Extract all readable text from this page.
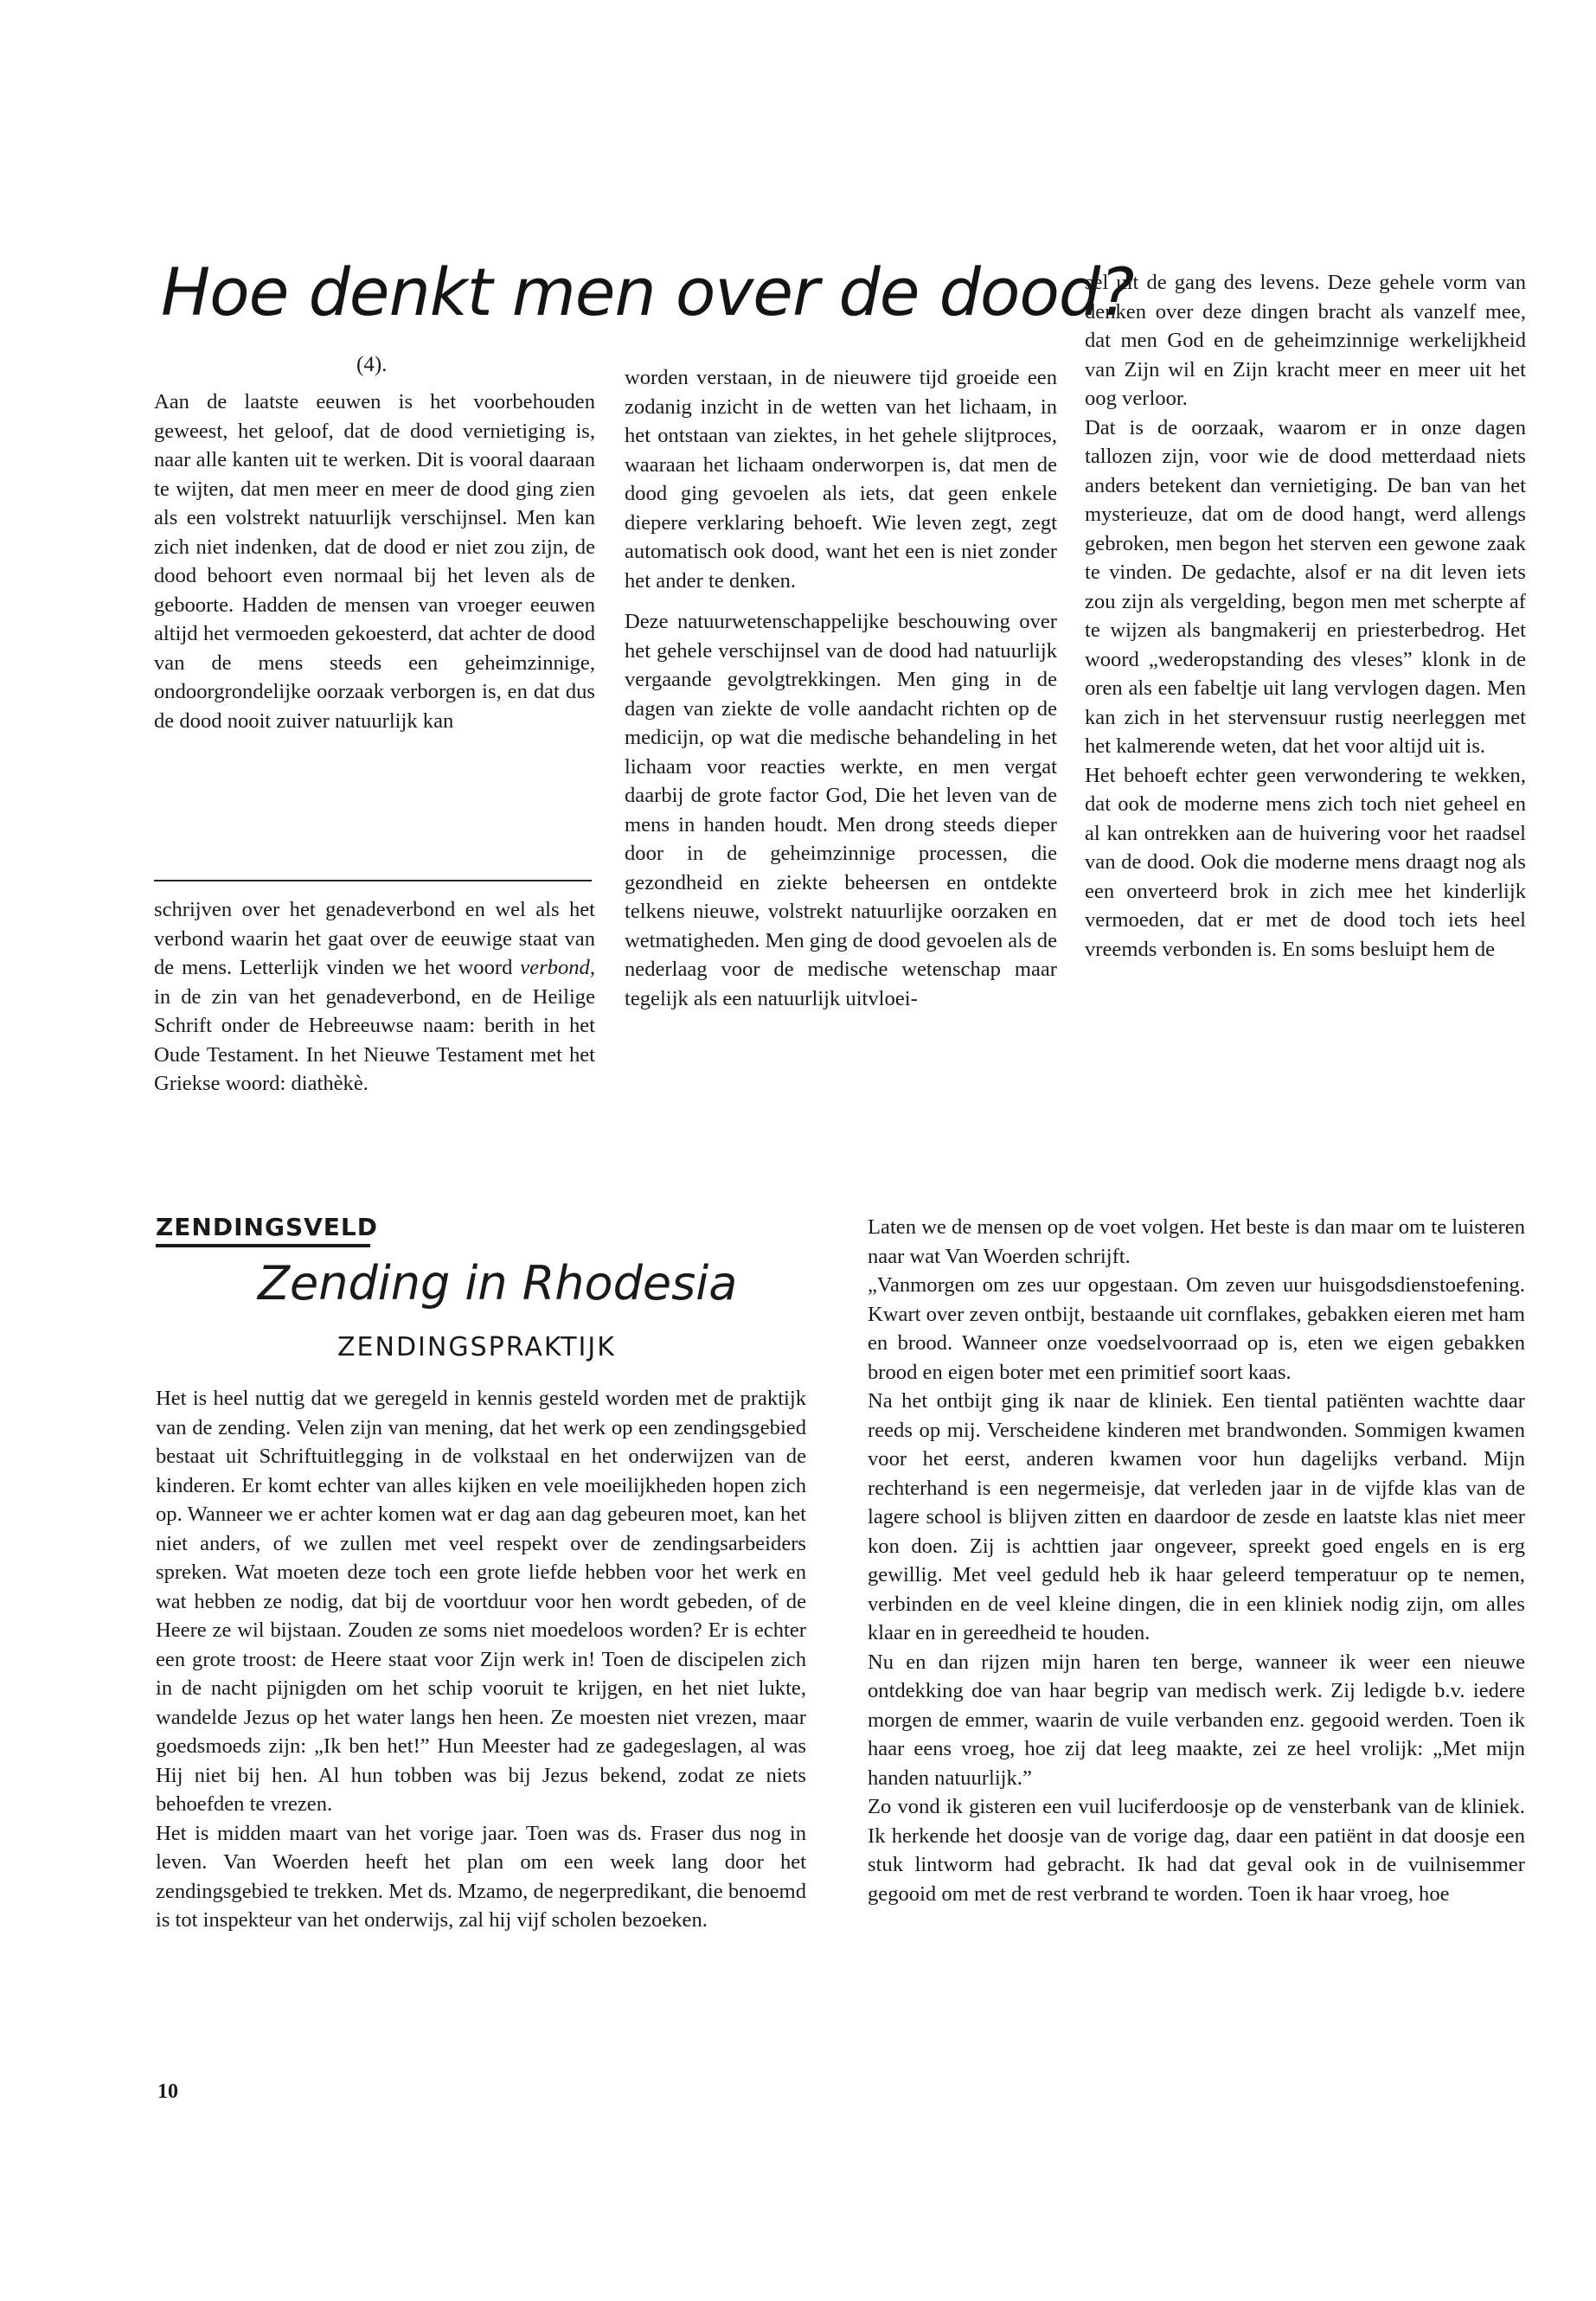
Hoe denkt men over de dood?
(4).

Aan de laatste eeuwen is het voorbehouden geweest, het geloof, dat de dood vernietiging is, naar alle kanten uit te werken. Dit is vooral daaraan te wijten, dat men meer en meer de dood ging zien als een volstrekt natuurlijk verschijnsel. Men kan zich niet indenken, dat de dood er niet zou zijn, de dood behoort even normaal bij het leven als de geboorte. Hadden de mensen van vroeger eeuwen altijd het vermoeden gekoesterd, dat achter de dood van de mens steeds een geheimzinnige, ondoorgrondelijke oorzaak verborgen is, en dat dus de dood nooit zuiver natuurlijk kan

schrijven over het genadeverbond en wel als het verbond waarin het gaat over de eeuwige staat van de mens. Letterlijk vinden we het woord verbond, in de zin van het genadeverbond, en de Heilige Schrift onder de Hebreeuwse naam: berith in het Oude Testament. In het Nieuwe Testament met het Griekse woord: diathèkè.

worden verstaan, in de nieuwere tijd groeide een zodanig inzicht in de wetten van het lichaam, in het ontstaan van ziektes, in het gehele slijtproces, waaraan het lichaam onderworpen is, dat men de dood ging gevoelen als iets, dat geen enkele diepere verklaring behoeft. Wie leven zegt, zegt automatisch ook dood, want het een is niet zonder het ander te denken.

Deze natuurwetenschappelijke beschouwing over het gehele verschijnsel van de dood had natuurlijk vergaande gevolgtrekkingen. Men ging in de dagen van ziekte de volle aandacht richten op de medicijn, op wat die medische behandeling in het lichaam voor reacties werkte, en men vergat daarbij de grote factor God, Die het leven van de mens in handen houdt. Men drong steeds dieper door in de geheimzinnige processen, die gezondheid en ziekte beheersen en ontdekte telkens nieuwe, volstrekt natuurlijke oorzaken en wetmatigheden. Men ging de dood gevoelen als de nederlaag voor de medische wetenschap maar tegelijk als een natuurlijk uitvloei-

sel uit de gang des levens. Deze gehele vorm van denken over deze dingen bracht als vanzelf mee, dat men God en de geheimzinnige werkelijkheid van Zijn wil en Zijn kracht meer en meer uit het oog verloor.

Dat is de oorzaak, waarom er in onze dagen tallozen zijn, voor wie de dood metterdaad niets anders betekent dan vernietiging. De ban van het mysterieuze, dat om de dood hangt, werd allengs gebroken, men begon het sterven een gewone zaak te vinden. De gedachte, alsof er na dit leven iets zou zijn als vergelding, begon men met scherpte af te wijzen als bangmakerij en priesterbedrog. Het woord „wederopstanding des vleses” klonk in de oren als een fabeltje uit lang vervlogen dagen. Men kan zich in het stervensuur rustig neerleggen met het kalmerende weten, dat het voor altijd uit is.

Het behoeft echter geen verwondering te wekken, dat ook de moderne mens zich toch niet geheel en al kan ontrekken aan de huivering voor het raadsel van de dood. Ook die moderne mens draagt nog als een onverteerd brok in zich mee het kinderlijk vermoeden, dat er met de dood toch iets heel vreemds verbonden is. En soms besluipt hem de

ZENDINGSVELD
Zending in Rhodesia
ZENDINGSPRAKTIJK

Het is heel nuttig dat we geregeld in kennis gesteld worden met de praktijk van de zending. Velen zijn van mening, dat het werk op een zendingsgebied bestaat uit Schriftuitlegging in de volkstaal en het onderwijzen van de kinderen. Er komt echter van alles kijken en vele moeilijkheden hopen zich op. Wanneer we er achter komen wat er dag aan dag gebeuren moet, kan het niet anders, of we zullen met veel respekt over de zendingsarbeiders spreken. Wat moeten deze toch een grote liefde hebben voor het werk en wat hebben ze nodig, dat bij de voortduur voor hen wordt gebeden, of de Heere ze wil bijstaan. Zouden ze soms niet moedeloos worden? Er is echter een grote troost: de Heere staat voor Zijn werk in! Toen de discipelen zich in de nacht pijnigden om het schip vooruit te krijgen, en het niet lukte, wandelde Jezus op het water langs hen heen. Ze moesten niet vrezen, maar goedsmoeds zijn: „Ik ben het!” Hun Meester had ze gadegeslagen, al was Hij niet bij hen. Al hun tobben was bij Jezus bekend, zodat ze niets behoefden te vrezen.

Het is midden maart van het vorige jaar. Toen was ds. Fraser dus nog in leven. Van Woerden heeft het plan om een week lang door het zendingsgebied te trekken. Met ds. Mzamo, de negerpredikant, die benoemd is tot inspekteur van het onderwijs, zal hij vijf scholen bezoeken.

Laten we de mensen op de voet volgen. Het beste is dan maar om te luisteren naar wat Van Woerden schrijft.

„Vanmorgen om zes uur opgestaan. Om zeven uur huisgodsdienstoefening. Kwart over zeven ontbijt, bestaande uit cornflakes, gebakken eieren met ham en brood. Wanneer onze voedselvoorraad op is, eten we eigen gebakken brood en eigen boter met een primitief soort kaas.

Na het ontbijt ging ik naar de kliniek. Een tiental patiënten wachtte daar reeds op mij. Verscheidene kinderen met brandwonden. Sommigen kwamen voor het eerst, anderen kwamen voor hun dagelijks verband. Mijn rechterhand is een negermeisje, dat verleden jaar in de vijfde klas van de lagere school is blijven zitten en daardoor de zesde en laatste klas niet meer kon doen. Zij is achttien jaar ongeveer, spreekt goed engels en is erg gewillig. Met veel geduld heb ik haar geleerd temperatuur op te nemen, verbinden en de veel kleine dingen, die in een kliniek nodig zijn, om alles klaar en in gereedheid te houden.

Nu en dan rijzen mijn haren ten berge, wanneer ik weer een nieuwe ontdekking doe van haar begrip van medisch werk. Zij ledigde b.v. iedere morgen de emmer, waarin de vuile verbanden enz. gegooid werden. Toen ik haar eens vroeg, hoe zij dat leeg maakte, zei ze heel vrolijk: „Met mijn handen natuurlijk.”

Zo vond ik gisteren een vuil luciferdoosje op de vensterbank van de kliniek. Ik herkende het doosje van de vorige dag, daar een patiënt in dat doosje een stuk lintworm had gebracht. Ik had dat geval ook in de vuilnisemmer gegooid om met de rest verbrand te worden. Toen ik haar vroeg, hoe

10
